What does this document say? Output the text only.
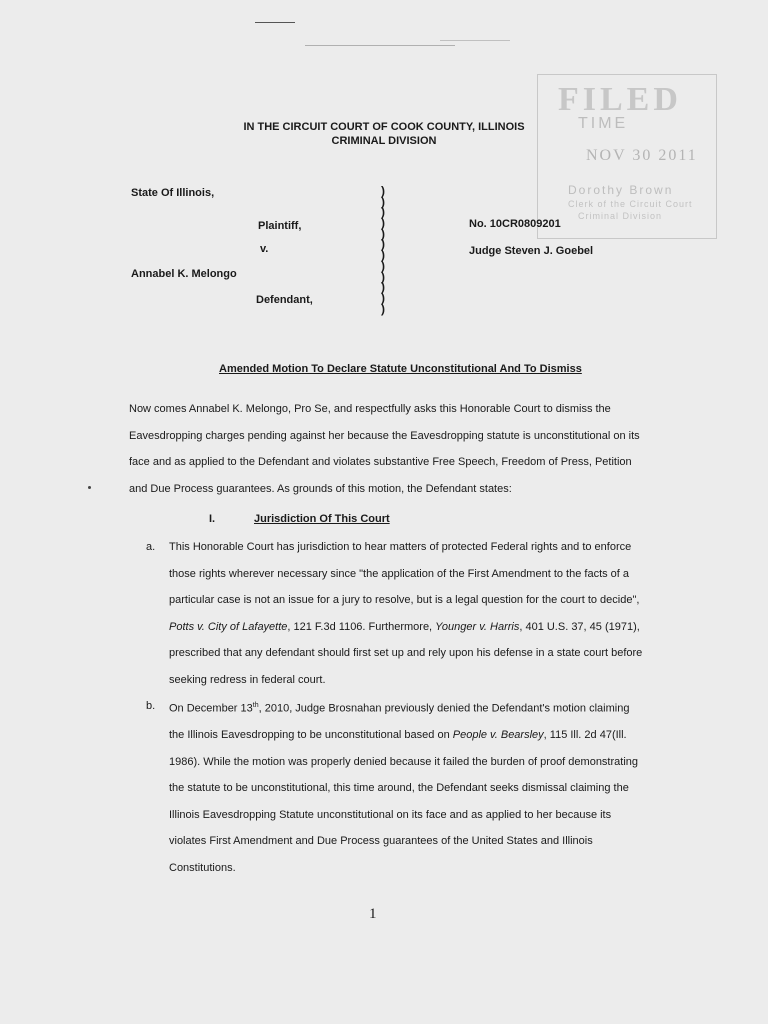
FILED
TIME
NOV 30 2011
Dorothy Brown
Clerk of the Circuit Court
Criminal Division
IN THE CIRCUIT COURT OF COOK COUNTY, ILLINOIS
CRIMINAL DIVISION
State Of Illinois,
Plaintiff,
v.
Annabel K. Melongo
Defendant,
No. 10CR0809201
Judge Steven J. Goebel
)
)
)
)
)
)
)
)
)
)
)
)
Amended Motion To Declare Statute Unconstitutional And To Dismiss
Now comes Annabel K. Melongo, Pro Se, and respectfully asks this Honorable Court to dismiss the
Eavesdropping charges pending against her because the Eavesdropping statute is unconstitutional on its
face and as applied to the Defendant and violates substantive Free Speech, Freedom of Press, Petition
and Due Process guarantees. As grounds of this motion, the Defendant states:
I.	Jurisdiction Of This Court
a. This Honorable Court has jurisdiction to hear matters of protected Federal rights and to enforce
those rights wherever necessary since "the application of the First Amendment to the facts of a
particular case is not an issue for a jury to resolve, but is a legal question for the court to decide",
Potts v. City of Lafayette, 121 F.3d 1106. Furthermore, Younger v. Harris, 401 U.S. 37, 45 (1971),
prescribed that any defendant should first set up and rely upon his defense in a state court before
seeking redress in federal court.
b. On December 13th, 2010, Judge Brosnahan previously denied the Defendant's motion claiming
the Illinois Eavesdropping to be unconstitutional based on People v. Bearsley, 115 Ill. 2d 47(Ill.
1986). While the motion was properly denied because it failed the burden of proof demonstrating
the statute to be unconstitutional, this time around, the Defendant seeks dismissal claiming the
Illinois Eavesdropping Statute unconstitutional on its face and as applied to her because its
violates First Amendment and Due Process guarantees of the United States and Illinois
Constitutions.
1
